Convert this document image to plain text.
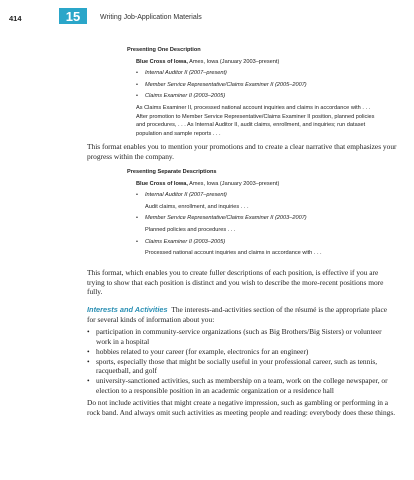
414	15	Writing Job-Application Materials
Presenting One Description
Blue Cross of Iowa, Ames, Iowa (January 2003–present)
• Internal Auditor II (2007–present)
• Member Service Representative/Claims Examiner II (2005–2007)
• Claims Examiner II (2003–2005)
As Claims Examiner II, processed national account inquiries and claims in accordance with . . . After promotion to Member Service Representative/Claims Examiner II position, planned policies and procedures, . . . As Internal Auditor II, audit claims, enrollment, and inquiries; run dataset population and sample reports . . .

This format enables you to mention your promotions and to create a clear narrative that emphasizes your progress within the company.

Presenting Separate Descriptions
Blue Cross of Iowa, Ames, Iowa (January 2003–present)
• Internal Auditor II (2007–present)
Audit claims, enrollment, and inquiries . . .
• Member Service Representative/Claims Examiner II (2003–2007)
Planned policies and procedures . . .
• Claims Examiner II (2003–2005)
Processed national account inquiries and claims in accordance with . . .

This format, which enables you to create fuller descriptions of each position, is effective if you are trying to show that each position is distinct and you wish to describe the more-recent positions more fully.

Interests and Activities The interests-and-activities section of the résumé is the appropriate place for several kinds of information about you:

• participation in community-service organizations (such as Big Brothers/Big Sisters) or volunteer work in a hospital
• hobbies related to your career (for example, electronics for an engineer)
• sports, especially those that might be socially useful in your professional career, such as tennis, racquetball, and golf
• university-sanctioned activities, such as membership on a team, work on the college newspaper, or election to a responsible position in an academic organization or a residence hall

Do not include activities that might create a negative impression, such as gambling or performing in a rock band. And always omit such activities as meeting people and reading: everybody does these things.
